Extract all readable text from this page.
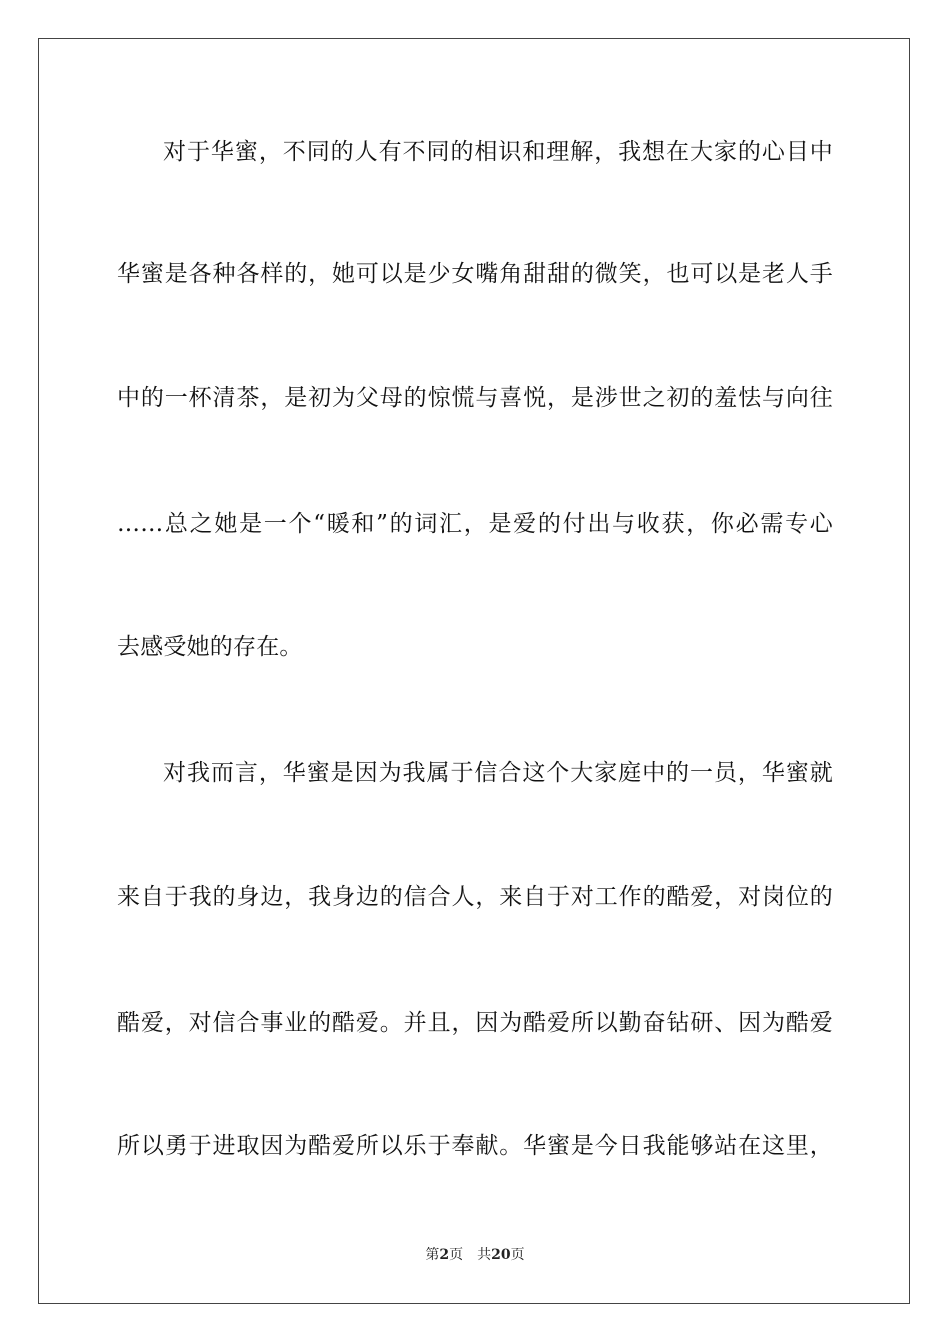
对于华蜜，不同的人有不同的相识和理解，我想在大家的心目中
华蜜是各种各样的，她可以是少女嘴角甜甜的微笑，也可以是老人手
中的一杯清茶，是初为父母的惊慌与喜悦，是涉世之初的羞怯与向往
……总之她是一个“暖和”的词汇，是爱的付出与收获，你必需专心
去感受她的存在。
对我而言，华蜜是因为我属于信合这个大家庭中的一员，华蜜就
来自于我的身边，我身边的信合人，来自于对工作的酷爱，对岗位的
酷爱，对信合事业的酷爱。并且，因为酷爱所以勤奋钻研、因为酷爱
所以勇于进取因为酷爱所以乐于奉献。华蜜是今日我能够站在这里，
第2页 共20页
